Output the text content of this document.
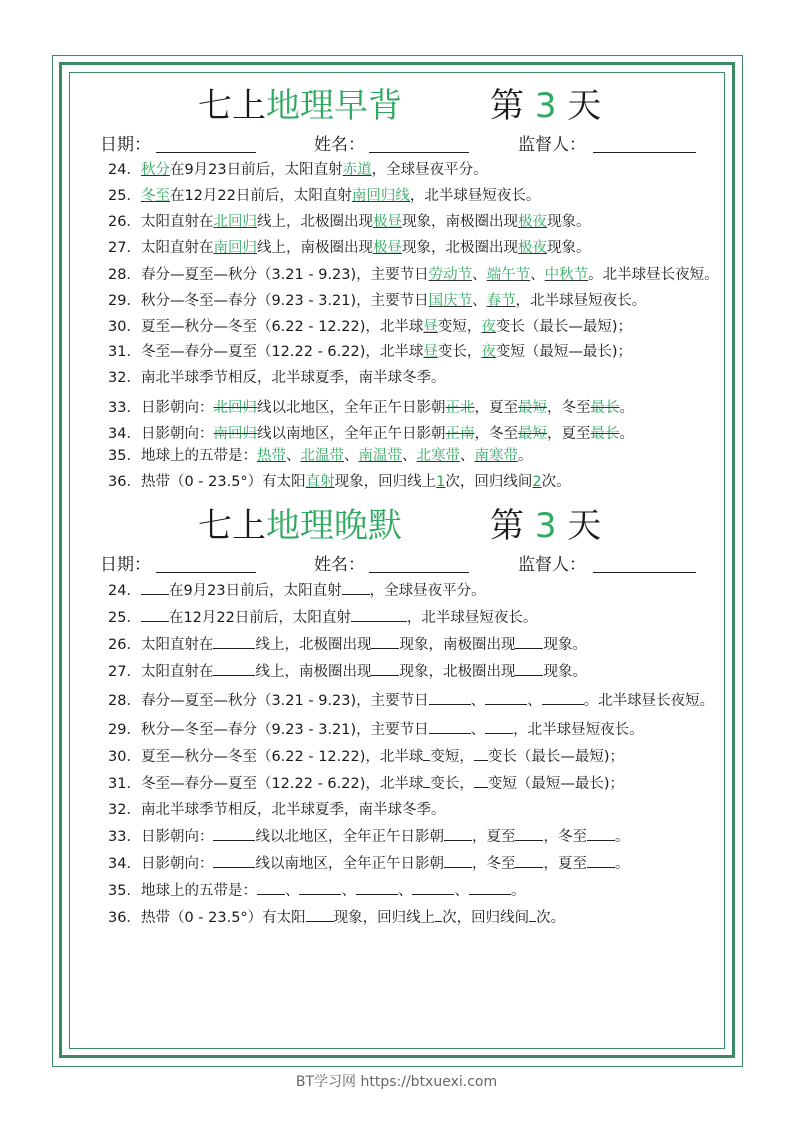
七上地理早背	第 3 天
日期：	姓名：	监督人：

24．秋分在9月23日前后，太阳直射赤道，全球昼夜平分。

25．冬至在12月22日前后，太阳直射南回归线，北半球昼短夜长。

26．太阳直射在北回归线上，北极圈出现极昼现象，南极圈出现极夜现象。

27．太阳直射在南回归线上，南极圈出现极昼现象，北极圈出现极夜现象。

28．春分—夏至—秋分（3.21 - 9.23)，主要节日劳动节、端午节、中秋节。北半球昼长夜短。

29．秋分—冬至—春分（9.23 - 3.21)，主要节日国庆节、春节，北半球昼短夜长。

30．夏至—秋分—冬至（6.22 - 12.22)，北半球昼变短，夜变长（最长—最短)；

31．冬至—春分—夏至（12.22 - 6.22)，北半球昼变长，夜变短（最短—最长)；

32．南北半球季节相反，北半球夏季，南半球冬季。

33．日影朝向：北回归线以北地区，全年正午日影朝正北，夏至最短，冬至最长。

34．日影朝向：南回归线以南地区，全年正午日影朝正南，冬至最短，夏至最长。

35．地球上的五带是：热带、北温带、南温带、北寒带、南寒带。

36．热带（0 - 23.5°）有太阳直射现象，回归线上1次，回归线间2次。

七上地理晚默	第 3 天
日期：	姓名：	监督人：

24． 在9月23日前后，太阳直射 ，全球昼夜平分。

25． 在12月22日前后，太阳直射	，北半球昼短夜长。

26．太阳直射在	线上，北极圈出现 现象，南极圈出现 现象。

27．太阳直射在	线上，南极圈出现 现象，北极圈出现 现象。

28．春分—夏至—秋分（3.21 - 9.23)，主要节日	、	、	。北半球昼长夜短。

29．秋分—冬至—春分（9.23 - 3.21)，主要节日	、 ，北半球昼短夜长。

30．夏至—秋分—冬至（6.22 - 12.22)，北半球 变短， 变长（最长—最短)；

31．冬至—春分—夏至（12.22 - 6.22)，北半球 变长， 变短（最短—最长)；

32．南北半球季节相反，北半球夏季，南半球冬季。

33．日影朝向：	线以北地区，全年正午日影朝 ，夏至 ，冬至 。

34．日影朝向：	线以南地区，全年正午日影朝 ，冬至 ，夏至 。

35．地球上的五带是： 、	、	、	、	。

36．热带（0 - 23.5°）有太阳 现象，回归线上 次，回归线间 次。

BT学习网 https://btxuexi.com
